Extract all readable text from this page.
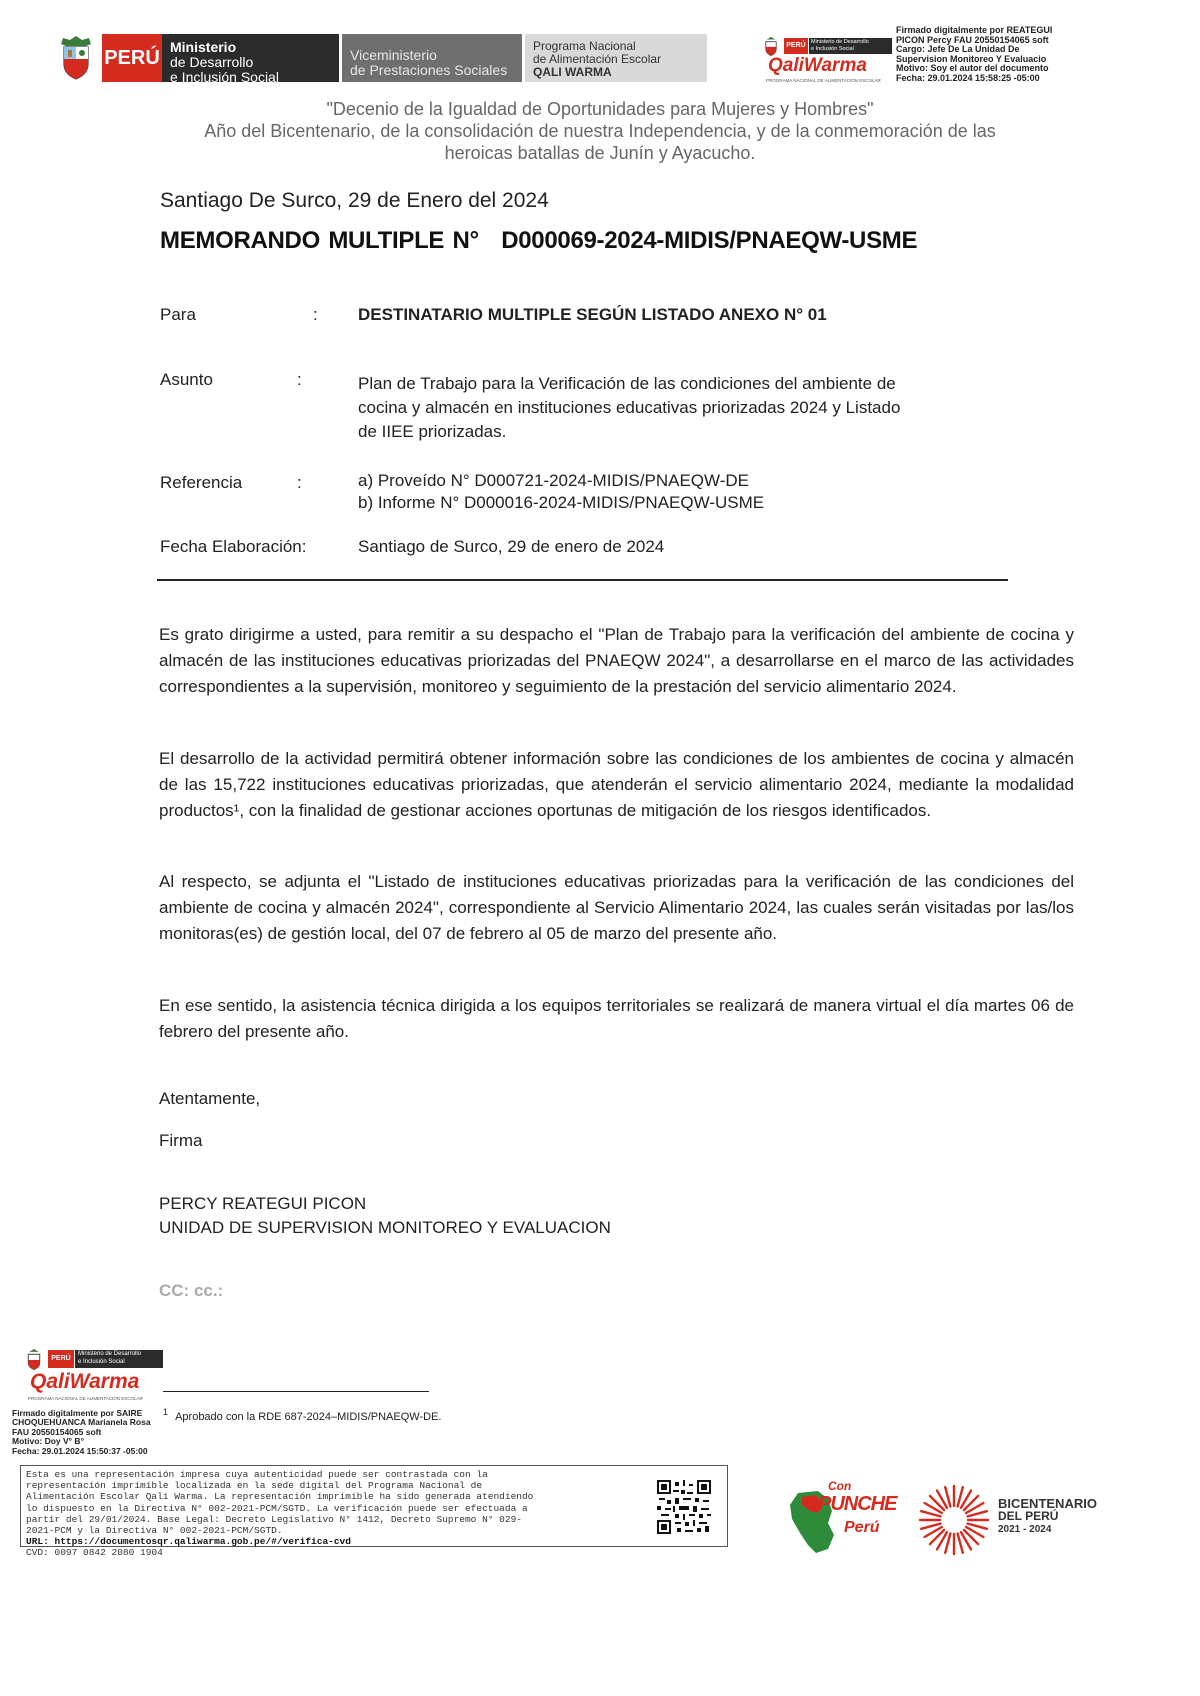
PERÚ Ministerio
de Desarrollo
e Inclusión Social
Viceministerio
de Prestaciones Sociales
Programa Nacional
de Alimentación Escolar
QALI WARMA
PERÚ Ministerio de Desarrollo
e Inclusión Social
QaliWarma
PROGRAMA NACIONAL DE ALIMENTACIÓN ESCOLAR
Firmado digitalmente por REATEGUI
PICON Percy FAU 20550154065 soft
Cargo: Jefe De La Unidad De
Supervision Monitoreo Y Evaluacio
Motivo: Soy el autor del documento
Fecha: 29.01.2024 15:58:25 -05:00
"Decenio de la Igualdad de Oportunidades para Mujeres y Hombres"
Año del Bicentenario, de la consolidación de nuestra Independencia, y de la conmemoración de las
heroicas batallas de Junín y Ayacucho.
Santiago De Surco, 29 de Enero del 2024
MEMORANDO MULTIPLE N° D000069-2024-MIDIS/PNAEQW-USME
Para	: DESTINATARIO MULTIPLE SEGÚN LISTADO ANEXO N° 01
Asunto	:	Plan de Trabajo para la Verificación de las condiciones del ambiente de
cocina y almacén en instituciones educativas priorizadas 2024 y Listado
de IIEE priorizadas.
Referencia	:	a) Proveído N° D000721-2024-MIDIS/PNAEQW-DE
b) Informe N° D000016-2024-MIDIS/PNAEQW-USME
Fecha Elaboración:	Santiago de Surco, 29 de enero de 2024
Es grato dirigirme a usted, para remitir a su despacho el "Plan de Trabajo para la verificación del ambiente de cocina y almacén de las instituciones educativas priorizadas del PNAEQW 2024", a desarrollarse en el marco de las actividades correspondientes a la supervisión, monitoreo y seguimiento de la prestación del servicio alimentario 2024.
El desarrollo de la actividad permitirá obtener información sobre las condiciones de los ambientes de cocina y almacén de las 15,722 instituciones educativas priorizadas, que atenderán el servicio alimentario 2024, mediante la modalidad productos¹, con la finalidad de gestionar acciones oportunas de mitigación de los riesgos identificados.
Al respecto, se adjunta el "Listado de instituciones educativas priorizadas para la verificación de las condiciones del ambiente de cocina y almacén 2024", correspondiente al Servicio Alimentario 2024, las cuales serán visitadas por las/los monitoras(es) de gestión local, del 07 de febrero al 05 de marzo del presente año.
En ese sentido, la asistencia técnica dirigida a los equipos territoriales se realizará de manera virtual el día martes 06 de febrero del presente año.
Atentamente,
Firma
PERCY REATEGUI PICON
UNIDAD DE SUPERVISION MONITOREO Y EVALUACION
CC: cc.:
PERÚ
Ministerio de Desarrollo
e Inclusión Social
QaliWarma
PROGRAMA NACIONAL DE ALIMENTACIÓN ESCOLAR
Firmado digitalmente por SAIRE
CHOQUEHUANCA Marianela Rosa
FAU 20550154065 soft
Motivo: Doy V° B°
Fecha: 29.01.2024 15:50:37 -05:00
$^1$ Aprobado con la RDE 687-2024–MIDIS/PNAEQW-DE.
Esta es una representación impresa cuya autenticidad puede ser contrastada con la
representación imprimible localizada en la sede digital del Programa Nacional de
Alimentación Escolar Qali Warma. La representación imprimible ha sido generada atendiendo
lo dispuesto en la Directiva N° 002-2021-PCM/SGTD. La verificación puede ser efectuada a
partir del 29/01/2024. Base Legal: Decreto Legislativo N° 1412, Decreto Supremo N° 029-
2021-PCM y la Directiva N° 002-2021-PCM/SGTD.
URL: https://documentosqr.qaliwarma.gob.pe/#/verifica-cvd
CVD: 0097 0842 2080 1904
Con
PUNCHE
Perú
BICENTENARIO
DEL PERÚ
2021 - 2024
